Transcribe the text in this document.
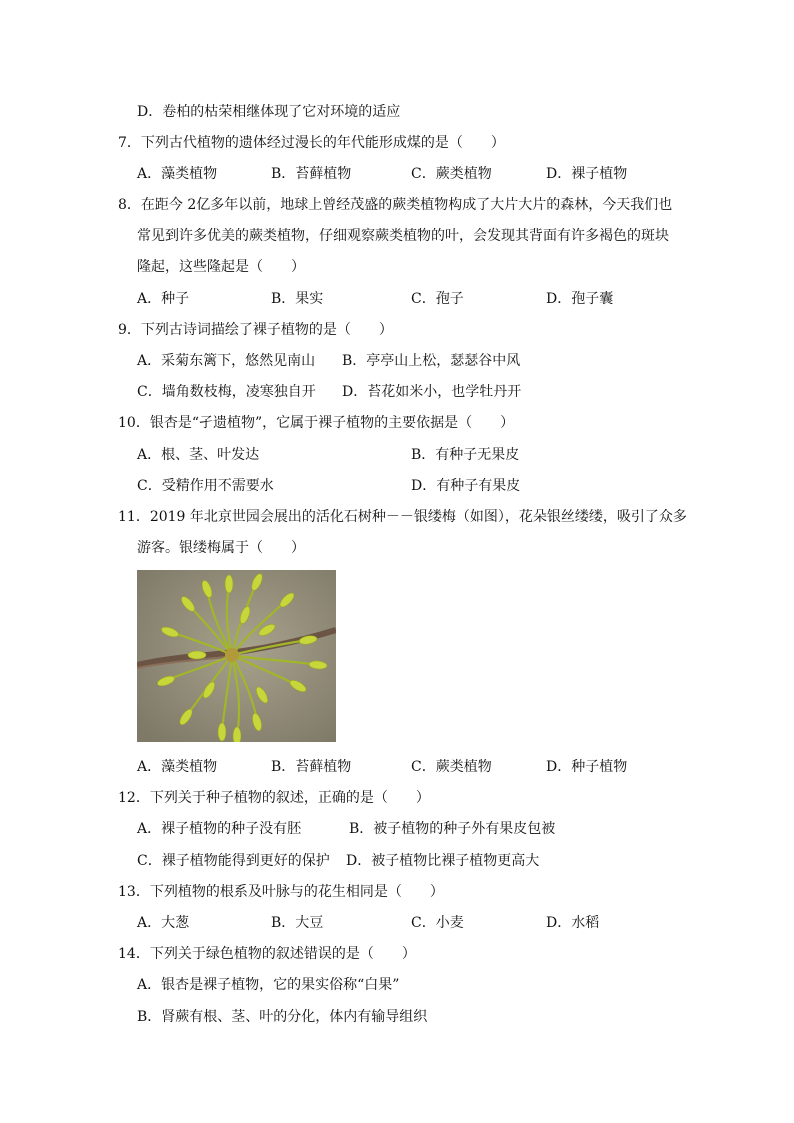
D．卷柏的枯荣相继体现了它对环境的适应
7．下列古代植物的遗体经过漫长的年代能形成煤的是（　　）
A．藻类植物	B．苔藓植物	C．蕨类植物	D．裸子植物
8．在距今 2亿多年以前，地球上曾经茂盛的蕨类植物构成了大片大片的森林，今天我们也
常见到许多优美的蕨类植物，仔细观察蕨类植物的叶，会发现其背面有许多褐色的斑块
隆起，这些隆起是（　　）
A．种子	B．果实	C．孢子	D．孢子囊
9．下列古诗词描绘了裸子植物的是（　　）
A．采菊东篱下，悠然见南山 B．亭亭山上松，瑟瑟谷中风
C．墙角数枝梅，凌寒独自开 D．苔花如米小，也学牡丹开
10．银杏是“孑遗植物”，它属于裸子植物的主要依据是（　　）
A．根、茎、叶发达	B．有种子无果皮
C．受精作用不需要水	D．有种子有果皮
11．2019 年北京世园会展出的活化石树种－－银缕梅（如图），花朵银丝缕缕，吸引了众多
游客。银缕梅属于（　　）
A．藻类植物	B．苔藓植物	C．蕨类植物	D．种子植物
12．下列关于种子植物的叙述，正确的是（　　）
A．裸子植物的种子没有胚	B．被子植物的种子外有果皮包被
C．裸子植物能得到更好的保护 D．被子植物比裸子植物更高大
13．下列植物的根系及叶脉与的花生相同是（　　）
A．大葱	B．大豆	C．小麦	D．水稻
14．下列关于绿色植物的叙述错误的是（　　）
A．银杏是裸子植物，它的果实俗称“白果”
B．肾蕨有根、茎、叶的分化，体内有输导组织
